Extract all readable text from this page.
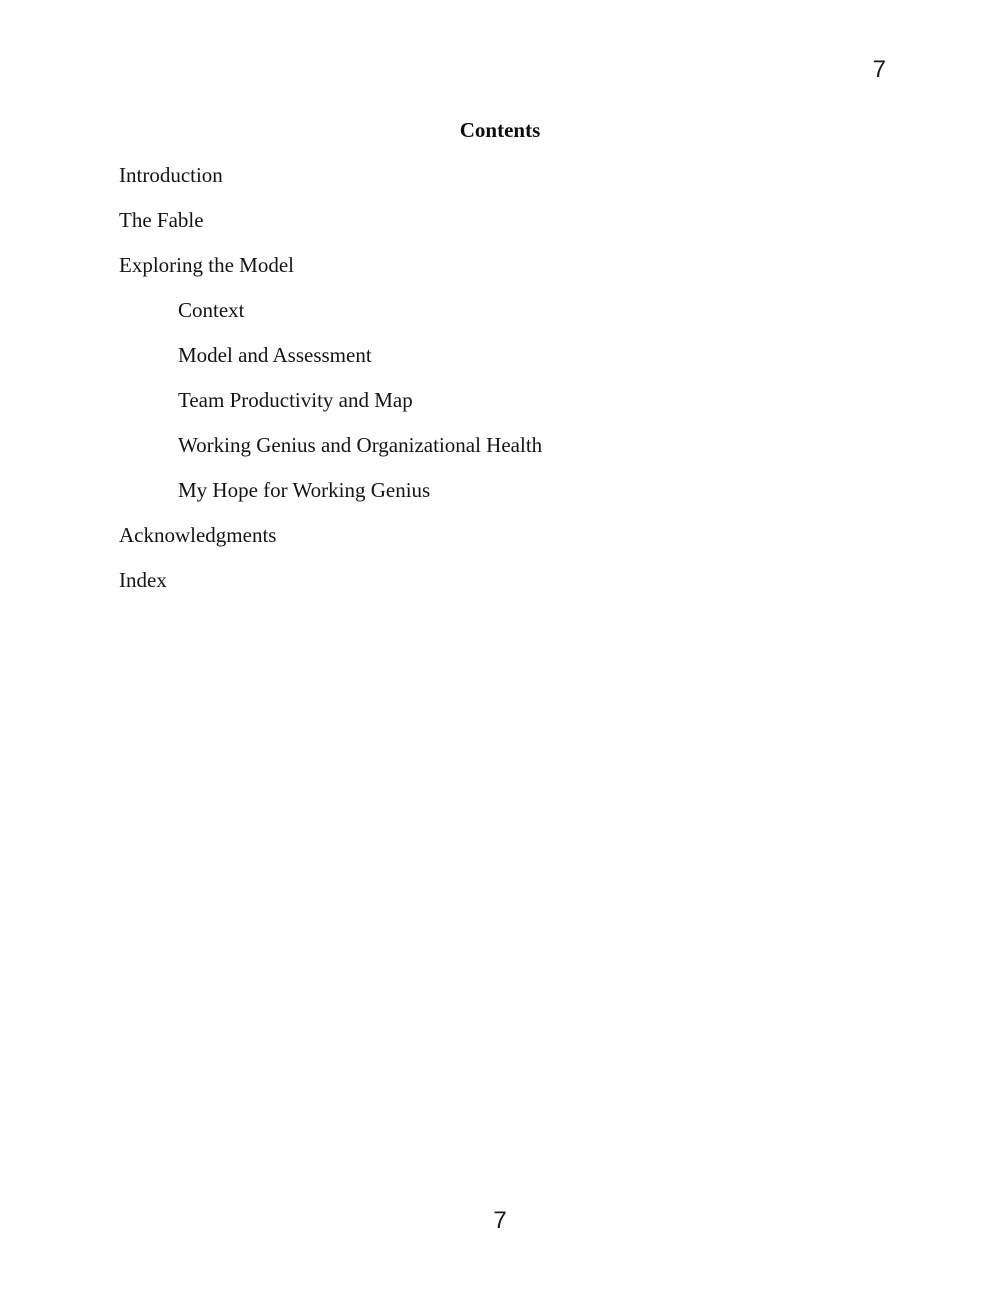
7
Contents
Introduction
The Fable
Exploring the Model
Context
Model and Assessment
Team Productivity and Map
Working Genius and Organizational Health
My Hope for Working Genius
Acknowledgments
Index
7
